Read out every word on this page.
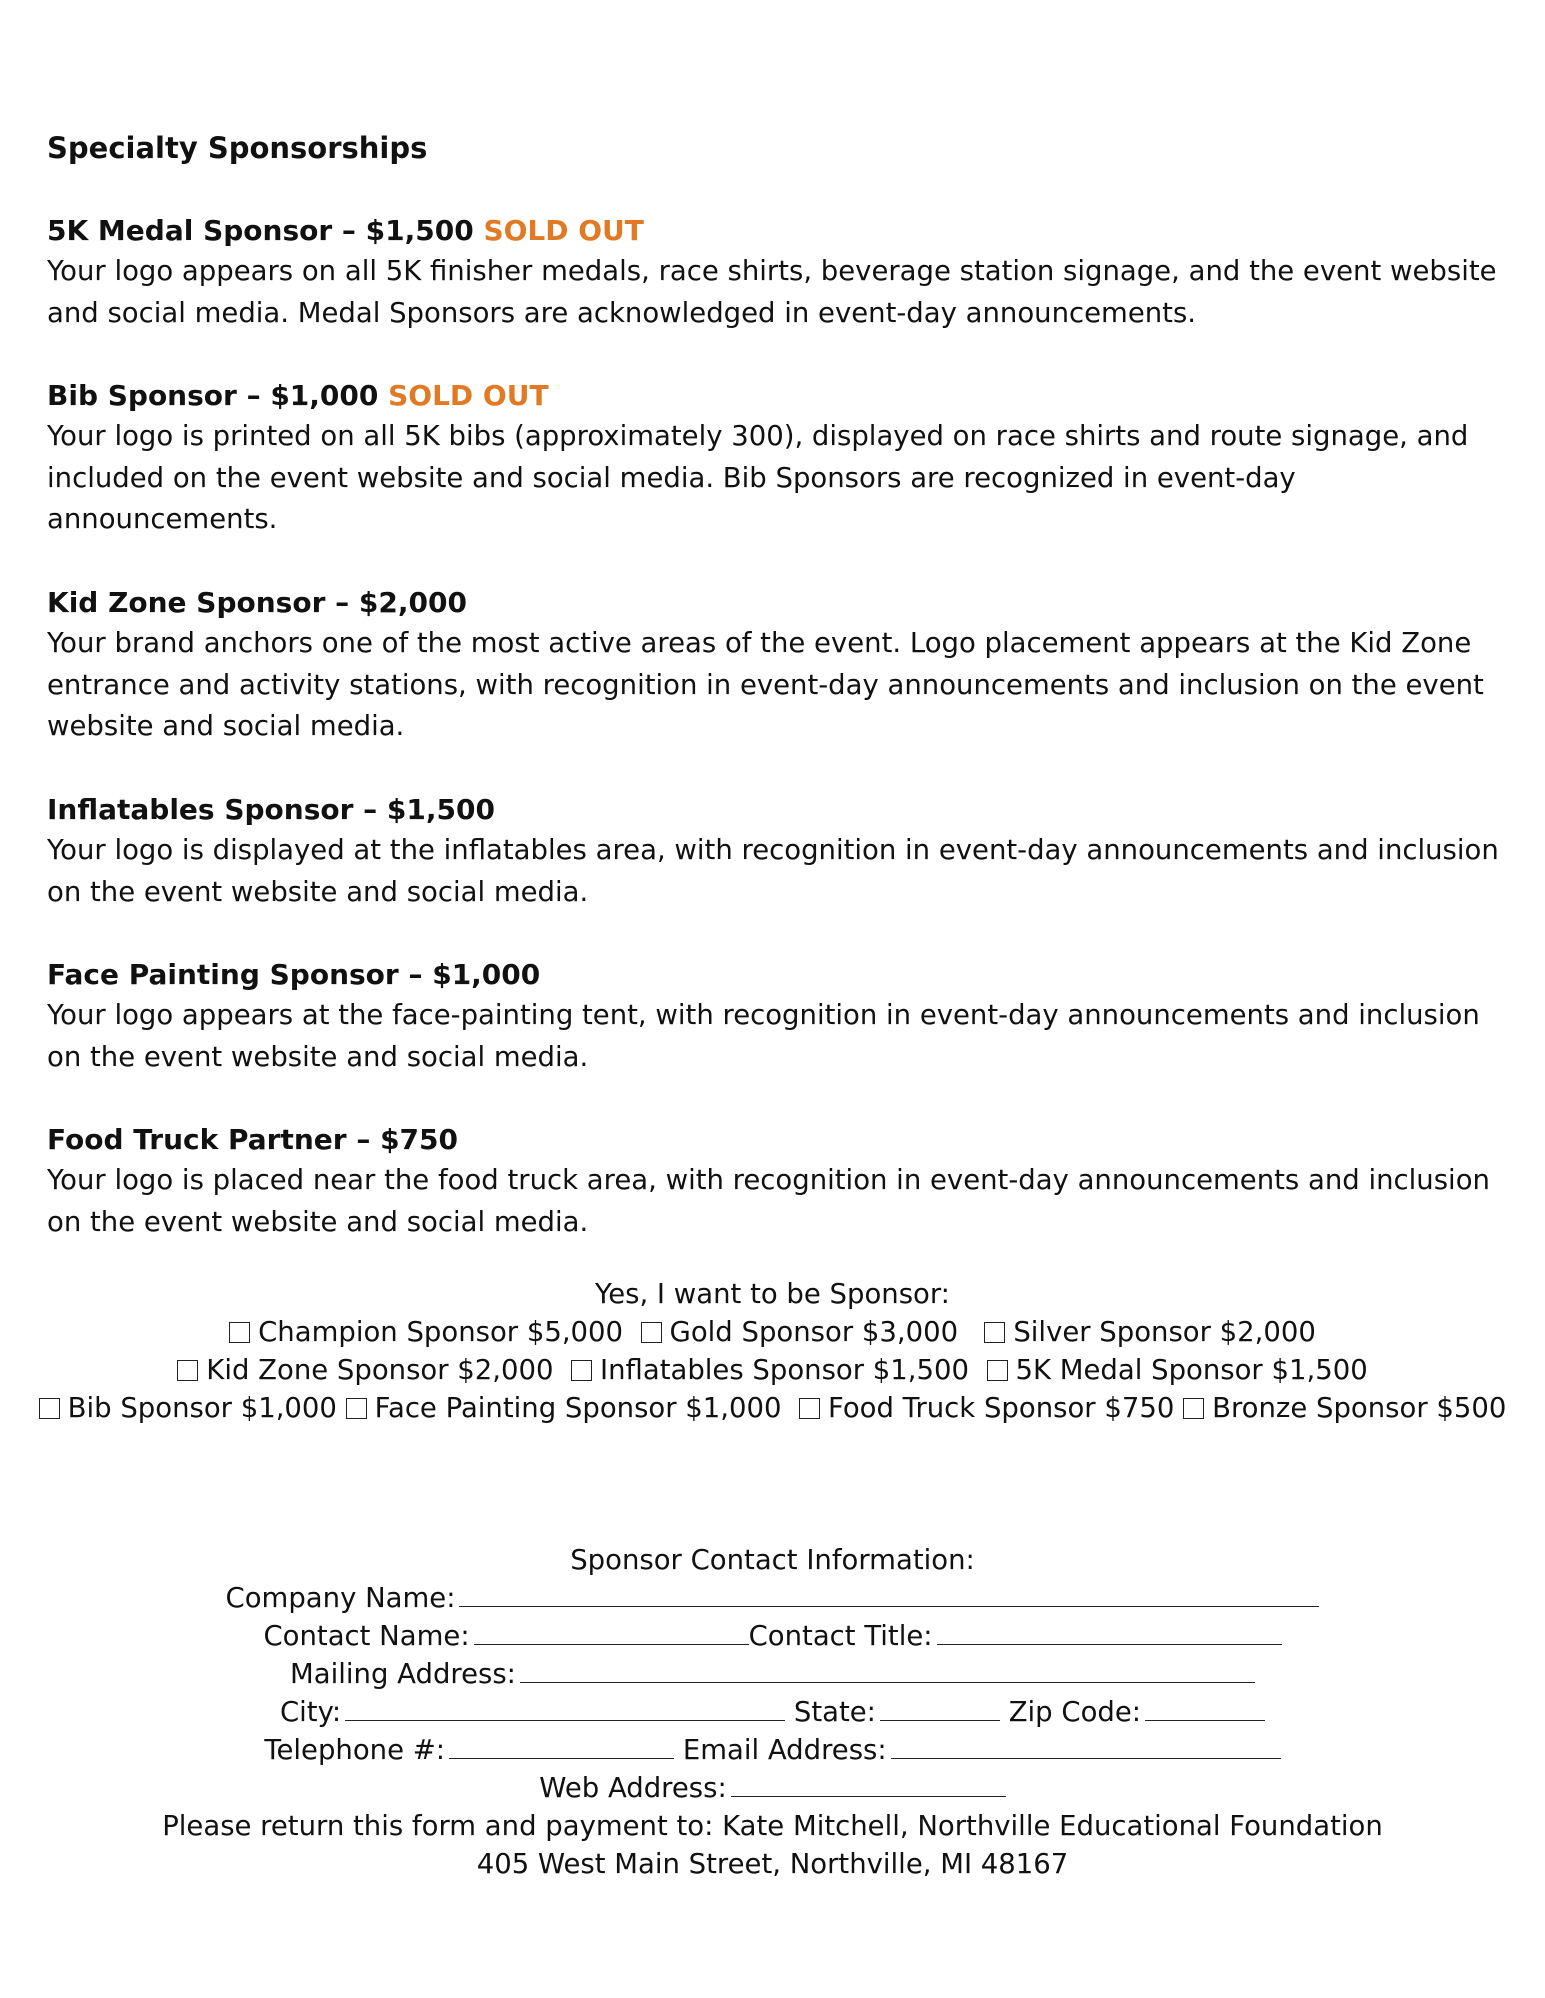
Specialty Sponsorships
5K Medal Sponsor – $1,500 SOLD OUT
Your logo appears on all 5K finisher medals, race shirts, beverage station signage, and the event website
and social media. Medal Sponsors are acknowledged in event-day announcements.
Bib Sponsor – $1,000 SOLD OUT
Your logo is printed on all 5K bibs (approximately 300), displayed on race shirts and route signage, and
included on the event website and social media. Bib Sponsors are recognized in event-day
announcements.
Kid Zone Sponsor – $2,000
Your brand anchors one of the most active areas of the event. Logo placement appears at the Kid Zone
entrance and activity stations, with recognition in event-day announcements and inclusion on the event
website and social media.
Inflatables Sponsor – $1,500
Your logo is displayed at the inflatables area, with recognition in event-day announcements and inclusion
on the event website and social media.
Face Painting Sponsor – $1,000
Your logo appears at the face-painting tent, with recognition in event-day announcements and inclusion
on the event website and social media.
Food Truck Partner – $750
Your logo is placed near the food truck area, with recognition in event-day announcements and inclusion
on the event website and social media.
Yes, I want to be Sponsor:
Champion Sponsor $5,000 Gold Sponsor $3,000 Silver Sponsor $2,000
Kid Zone Sponsor $2,000 Inflatables Sponsor $1,500 5K Medal Sponsor $1,500
Bib Sponsor $1,000 Face Painting Sponsor $1,000 Food Truck Sponsor $750 Bronze Sponsor $500
Sponsor Contact Information:
Company Name:
Contact Name:	Contact Title:
Mailing Address:
City:	State:	Zip Code:
Telephone #:	Email Address:
Web Address:
Please return this form and payment to: Kate Mitchell, Northville Educational Foundation
405 West Main Street, Northville, MI 48167
